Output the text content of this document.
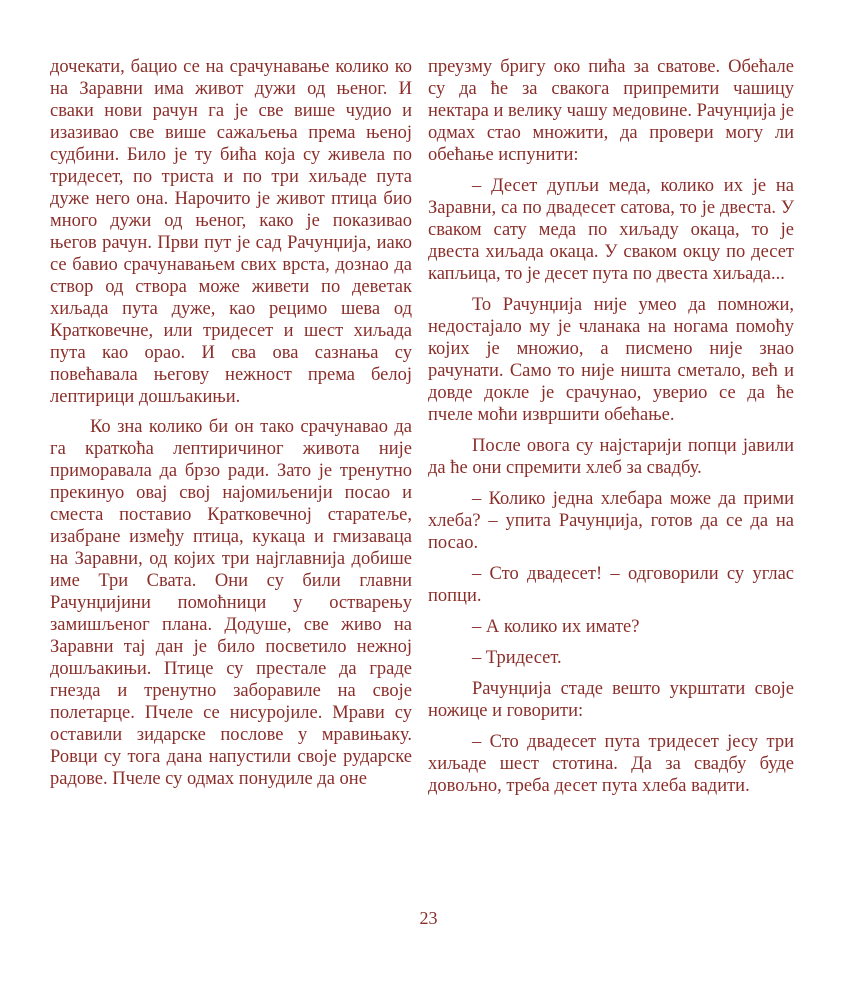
дочекати, бацио се на срачунавање колико ко на Заравни има живот дужи од њеног. И сваки нови рачун га је све више чудио и изазивао све више сажаљења према њеној судбини. Било је ту бића која су живела по тридесет, по триста и по три хиљаде пута дуже него она. Нарочито је живот птица био много дужи од њеног, како је показивао његов рачун. Први пут је сад Рачунџија, иако се бавио срачунавањем свих врста, дознао да створ од створа може живети по деветак хиљада пута дуже, као рецимо шева од Кратковечне, или тридесет и шест хиљада пута као орао. И сва ова сазнања су повећавала његову нежност према белој лептирици дошљакињи.

Ко зна колико би он тако срачунавао да га краткоћа лептиричиног живота није приморавала да брзо ради. Зато је тренутно прекинуо овај свој најомиљенији посао и сместа поставио Кратковечној старатеље, изабране између птица, кукаца и гмизаваца на Заравни, од којих три најглавнија добише име Три Свата. Они су били главни Рачунџијини помоћници у остварењу замишљеног плана. Додуше, све живо на Заравни тај дан је било посветило нежној дошљакињи. Птице су престале да граде гнезда и тренутно заборавиле на своје полетарце. Пчеле се нисуројиле. Мрави су оставили зидарске послове у мравињаку. Ровци су тога дана напустили своје рударске радове. Пчеле су одмах понудиле да оне

преузму бригу око пића за сватове. Обећале су да ће за свакога припремити чашицу нектара и велику чашу медовине. Рачунџија је одмах стао множити, да провери могу ли обећање испунити:

– Десет дупљи меда, колико их је на Заравни, са по двадесет сатова, то је двеста. У сваком сату меда по хиљаду окаца, то је двеста хиљада окаца. У сваком окцу по десет капљица, то је десет пута по двеста хиљада...

То Рачунџија није умео да помножи, недостајало му је чланака на ногама помоћу којих је множио, а писмено није знао рачунати. Само то није ништа сметало, већ и довде докле је срачунао, уверио се да ће пчеле моћи извршити обећање.

После овога су најстарији попци јавили да ће они спремити хлеб за свадбу.

– Колико једна хлебара може да прими хлеба? – упита Рачунџија, готов да се да на посао.

– Сто двадесет! – одговорили су углас попци.

– А колико их имате?

– Тридесет.

Рачунџија стаде вешто укрштати своје ножице и говорити:

– Сто двадесет пута тридесет јесу три хиљаде шест стотина. Да за свадбу буде довољно, треба десет пута хлеба вадити.

23
